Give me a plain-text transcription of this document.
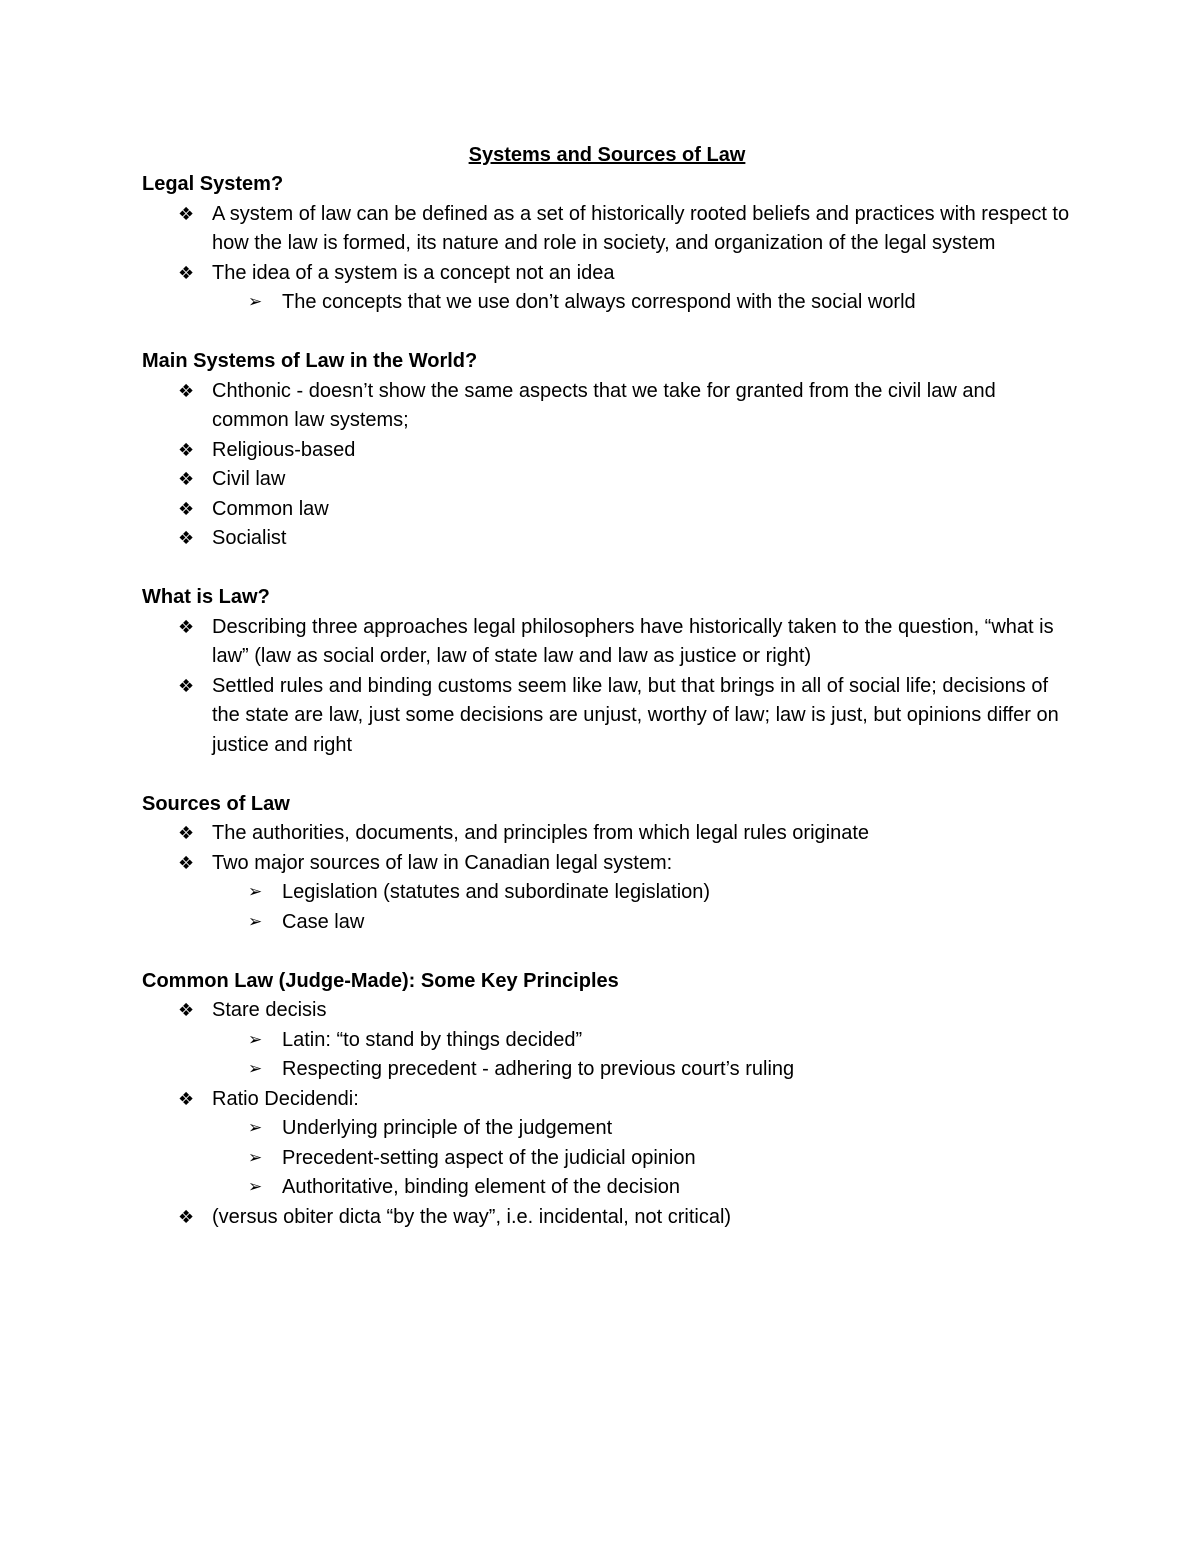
Systems and Sources of Law
Legal System?
❖ A system of law can be defined as a set of historically rooted beliefs and practices with respect to how the law is formed, its nature and role in society, and organization of the legal system
❖ The idea of a system is a concept not an idea
➢ The concepts that we use don’t always correspond with the social world
Main Systems of Law in the World?
❖ Chthonic - doesn’t show the same aspects that we take for granted from the civil law and common law systems;
❖ Religious-based
❖ Civil law
❖ Common law
❖ Socialist
What is Law?
❖ Describing three approaches legal philosophers have historically taken to the question, “what is law” (law as social order, law of state law and law as justice or right)
❖ Settled rules and binding customs seem like law, but that brings in all of social life; decisions of the state are law, just some decisions are unjust, worthy of law; law is just, but opinions differ on justice and right
Sources of Law
❖ The authorities, documents, and principles from which legal rules originate
❖ Two major sources of law in Canadian legal system:
➢ Legislation (statutes and subordinate legislation)
➢ Case law
Common Law (Judge-Made): Some Key Principles
❖ Stare decisis
➢ Latin: “to stand by things decided”
➢ Respecting precedent - adhering to previous court’s ruling
❖ Ratio Decidendi:
➢ Underlying principle of the judgement
➢ Precedent-setting aspect of the judicial opinion
➢ Authoritative, binding element of the decision
❖ (versus obiter dicta “by the way”, i.e. incidental, not critical)
